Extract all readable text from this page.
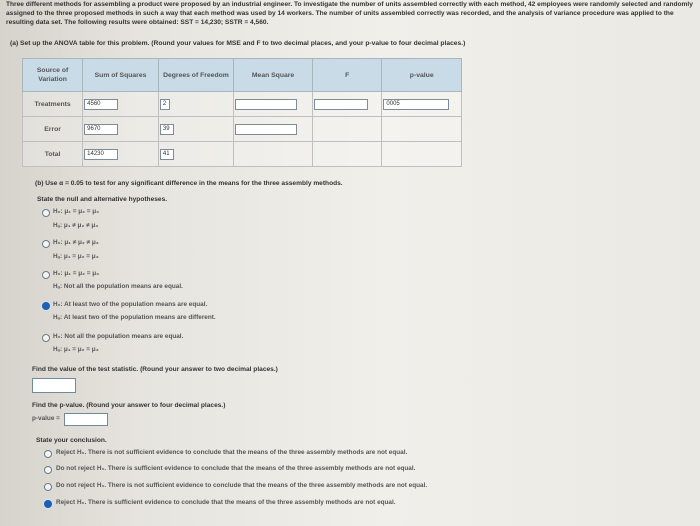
Three different methods for assembling a product were proposed by an industrial engineer. To investigate the number of units assembled correctly with each method, 42 employees were randomly selected and randomly assigned to the three proposed methods in such a way that each method was used by 14 workers. The number of units assembled correctly was recorded, and the analysis of variance procedure was applied to the resulting data set. The following results were obtained: SST = 14,230; SSTR = 4,560.
(a) Set up the ANOVA table for this problem. (Round your values for MSE and F to two decimal places, and your p-value to four decimal places.)
Source of Variation	Sum of Squares	Degrees of Freedom	Mean Square	F	p-value
Treatments	4560	2			0005
Error	9670	39			
Total	14230	41			
(b) Use α = 0.05 to test for any significant difference in the means for the three assembly methods.
State the null and alternative hypotheses.
H₀: μ₁ = μ₂ = μ₃
Hₐ: μ₁ ≠ μ₂ ≠ μ₃
H₀: μ₁ ≠ μ₂ ≠ μ₃
Hₐ: μ₁ = μ₂ = μ₃
H₀: μ₁ = μ₂ = μ₃
Hₐ: Not all the population means are equal.
H₀: At least two of the population means are equal.
Hₐ: At least two of the population means are different.
H₀: Not all the population means are equal.
Hₐ: μ₁ = μ₂ = μ₃
Find the value of the test statistic. (Round your answer to two decimal places.)
Find the p-value. (Round your answer to four decimal places.)
p-value =
State your conclusion.
Reject H₀. There is not sufficient evidence to conclude that the means of the three assembly methods are not equal.
Do not reject H₀. There is sufficient evidence to conclude that the means of the three assembly methods are not equal.
Do not reject H₀. There is not sufficient evidence to conclude that the means of the three assembly methods are not equal.
Reject H₀. There is sufficient evidence to conclude that the means of the three assembly methods are not equal.
